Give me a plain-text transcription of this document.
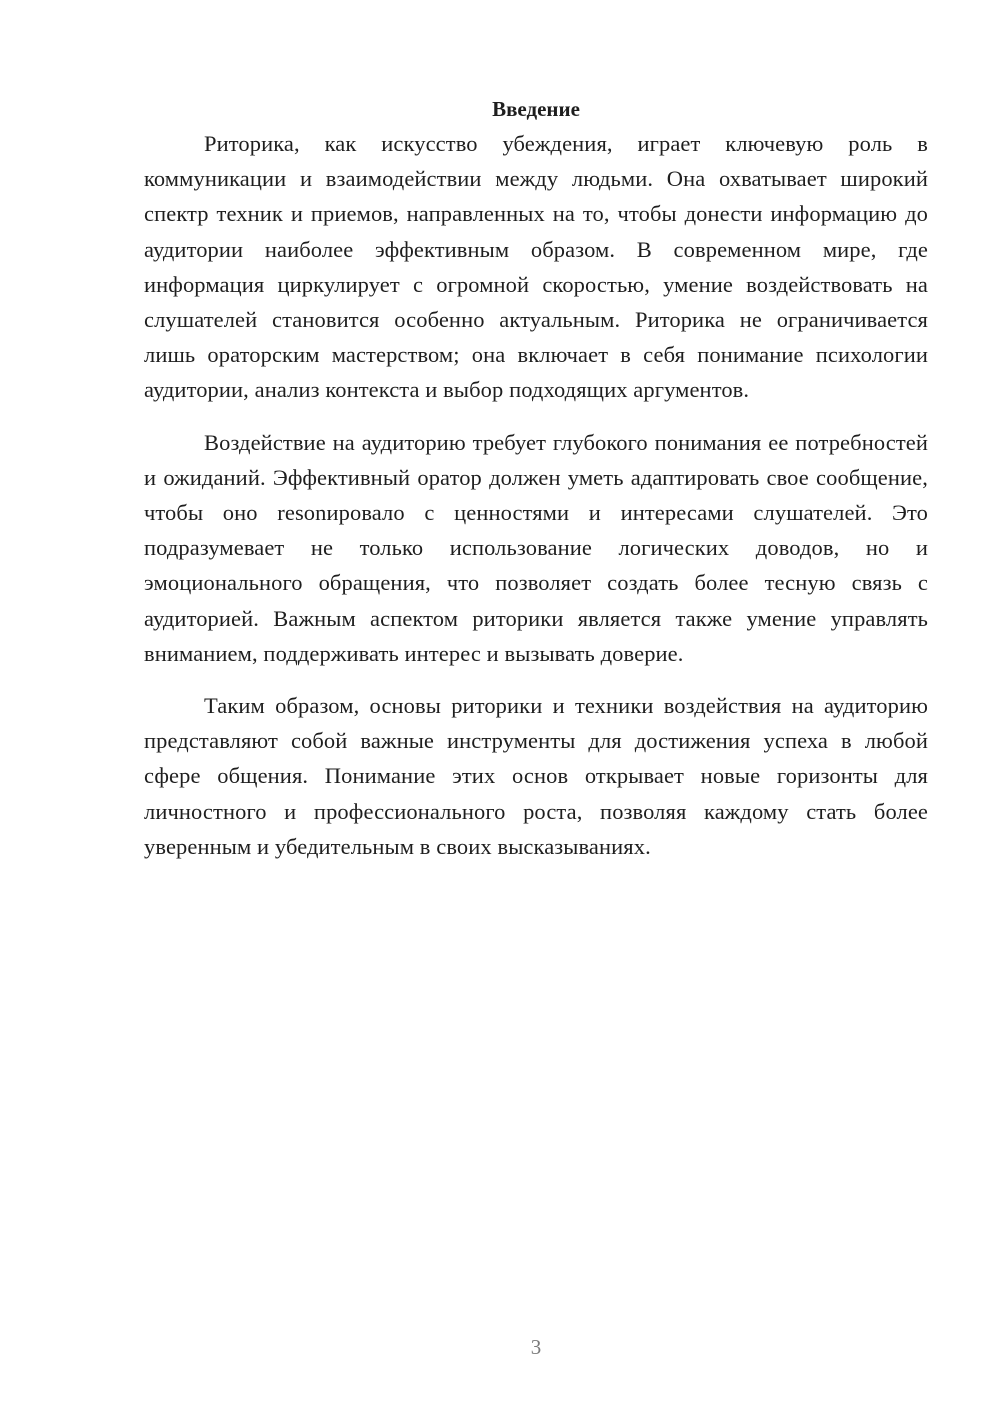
Введение

Риторика, как искусство убеждения, играет ключевую роль в коммуникации и взаимодействии между людьми. Она охватывает широкий спектр техник и приемов, направленных на то, чтобы донести информацию до аудитории наиболее эффективным образом. В современном мире, где информация циркулирует с огромной скоростью, умение воздействовать на слушателей становится особенно актуальным. Риторика не ограничивается лишь ораторским мастерством; она включает в себя понимание психологии аудитории, анализ контекста и выбор подходящих аргументов.

Воздействие на аудиторию требует глубокого понимания ее потребностей и ожиданий. Эффективный оратор должен уметь адаптировать свое сообщение, чтобы оно resonировало с ценностями и интересами слушателей. Это подразумевает не только использование логических доводов, но и эмоционального обращения, что позволяет создать более тесную связь с аудиторией. Важным аспектом риторики является также умение управлять вниманием, поддерживать интерес и вызывать доверие.

Таким образом, основы риторики и техники воздействия на аудиторию представляют собой важные инструменты для достижения успеха в любой сфере общения. Понимание этих основ открывает новые горизонты для личностного и профессионального роста, позволяя каждому стать более уверенным и убедительным в своих высказываниях.

3
